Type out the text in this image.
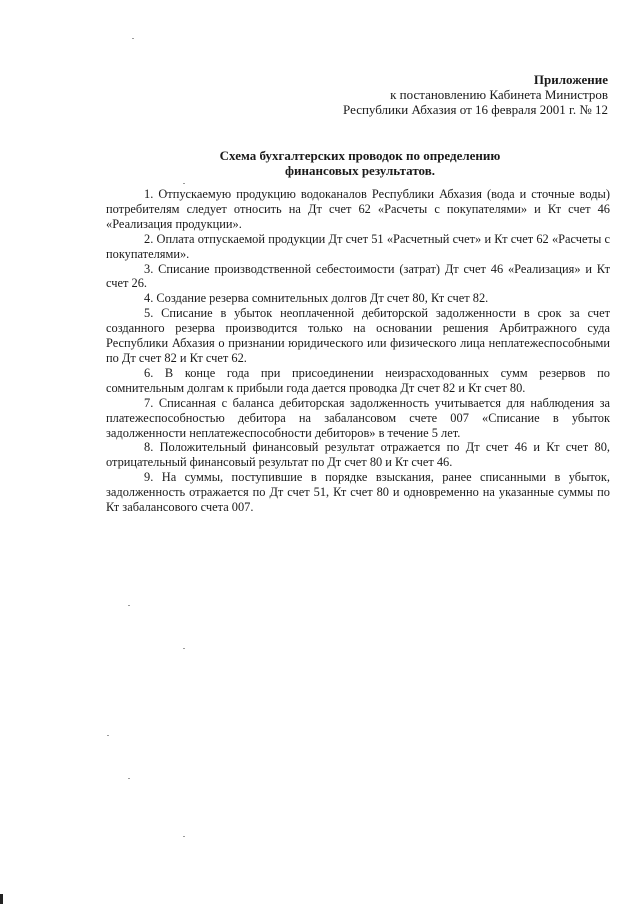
Приложение
к постановлению Кабинета Министров
Республики Абхазия от 16 февраля 2001 г. № 12
Схема бухгалтерских проводок по определению
финансовых результатов.

1. Отпускаемую продукцию водоканалов Республики Абхазия (вода и сточные воды) потребителям следует относить на Дт счет 62 «Расчеты с покупателями» и Кт счет 46 «Реализация продукции».

2. Оплата отпускаемой продукции Дт счет 51 «Расчетный счет» и Кт счет 62 «Расчеты с покупателями».

3. Списание производственной себестоимости (затрат) Дт счет 46 «Реализация» и Кт счет 26.

4. Создание резерва сомнительных долгов Дт счет 80, Кт счет 82.

5. Списание в убыток неоплаченной дебиторской задолженности в срок за счет созданного резерва производится только на основании решения Арбитражного суда Республики Абхазия о признании юридического или физического лица неплатежеспособными по Дт счет 82 и Кт счет 62.

6. В конце года при присоединении неизрасходованных сумм резервов по сомнительным долгам к прибыли года дается проводка Дт счет 82 и Кт счет 80.

7. Списанная с баланса дебиторская задолженность учитывается для наблюдения за платежеспособностью дебитора на забалансовом счете 007 «Списание в убыток задолженности неплатежеспособности дебиторов» в течение 5 лет.

8. Положительный финансовый результат отражается по Дт счет 46 и Кт счет 80, отрицательный финансовый результат по Дт счет 80 и Кт счет 46.

9. На суммы, поступившие в порядке взыскания, ранее списанными в убыток, задолженность отражается по Дт счет 51, Кт счет 80 и одновременно на указанные суммы по Кт забалансового счета 007.
